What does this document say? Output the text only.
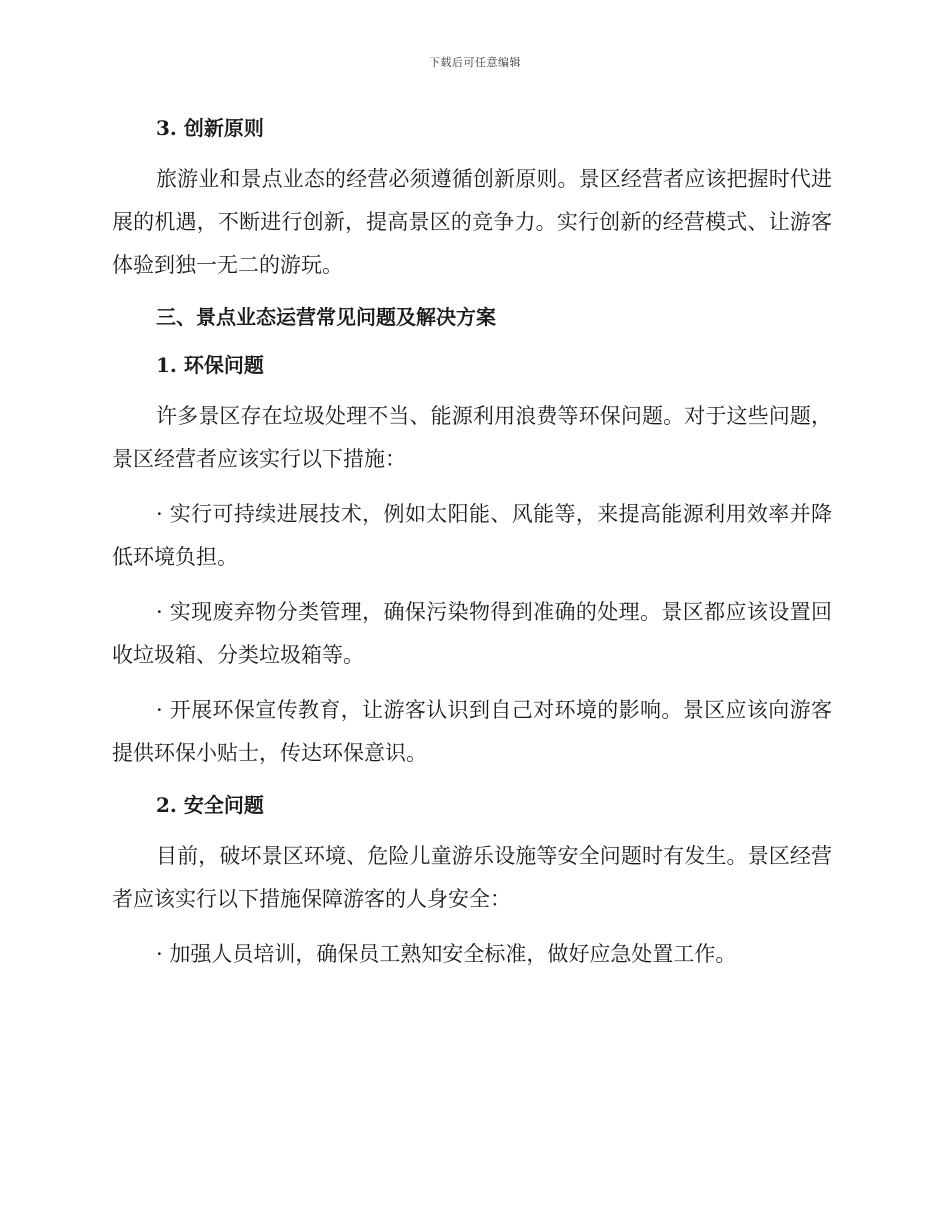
下载后可任意编辑

3. 创新原则

旅游业和景点业态的经营必须遵循创新原则。景区经营者应该把握时代进展的机遇，不断进行创新，提高景区的竞争力。实行创新的经营模式、让游客体验到独一无二的游玩。

三、景点业态运营常见问题及解决方案

1. 环保问题

许多景区存在垃圾处理不当、能源利用浪费等环保问题。对于这些问题，景区经营者应该实行以下措施：

· 实行可持续进展技术，例如太阳能、风能等，来提高能源利用效率并降低环境负担。

· 实现废弃物分类管理，确保污染物得到准确的处理。景区都应该设置回收垃圾箱、分类垃圾箱等。

· 开展环保宣传教育，让游客认识到自己对环境的影响。景区应该向游客提供环保小贴士，传达环保意识。

2. 安全问题

目前，破坏景区环境、危险儿童游乐设施等安全问题时有发生。景区经营者应该实行以下措施保障游客的人身安全：

· 加强人员培训，确保员工熟知安全标准，做好应急处置工作。
